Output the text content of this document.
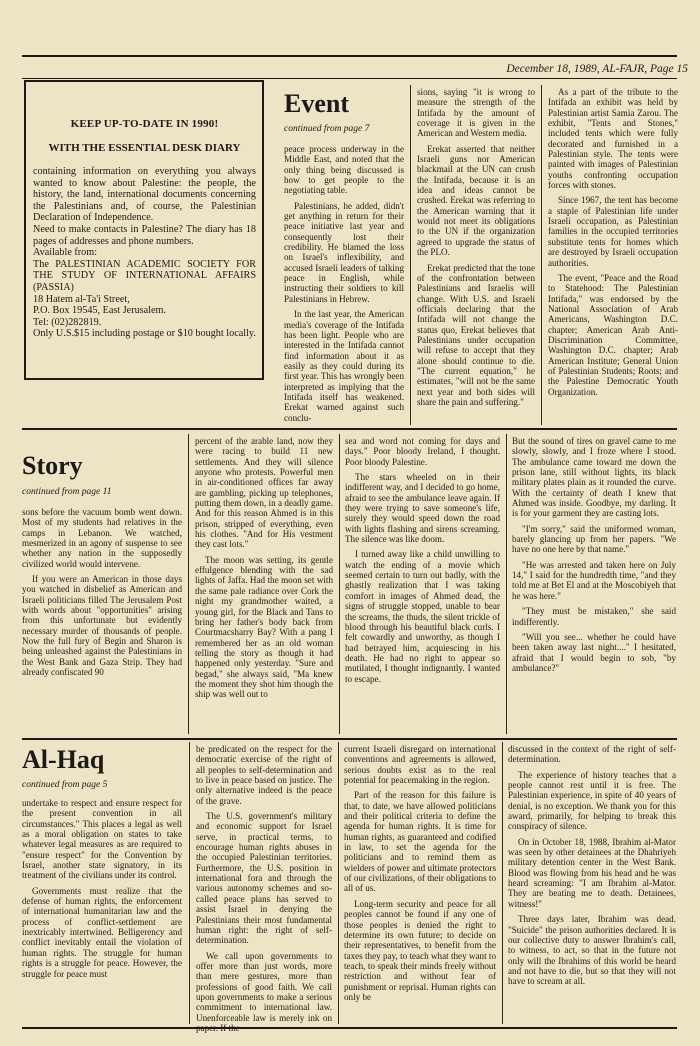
December 18, 1989, AL-FAJR, Page 15
KEEP UP-TO-DATE IN 1990!
WITH THE ESSENTIAL DESK DIARY
containing information on everything you always wanted to know about Palestine: the people, the history, the land, international documents concerning the Palestinians and, of course, the Palestinian Declaration of Independence.
Need to make contacts in Palestine? The diary has 18 pages of addresses and phone numbers.
Available from:
The PALESTINIAN ACADEMIC SOCIETY FOR THE STUDY OF INTERNATIONAL AFFAIRS (PASSIA)
18 Hatem al-Ta'i Street,
P.O. Box 19545, East Jerusalem.
Tel: (02)282819.
Only U.S.$15 including postage or $10 bought locally.
Event
continued from page 7

peace process underway in the Middle East, and noted that the only thing being discussed is how to get people to the negotiating table.

Palestinians, he added, didn't get anything in return for their peace initiative last year and consequently lost their credibility. He blamed the loss on Israel's inflexibility, and accused Israeli leaders of talking peace in English, while instructing their soldiers to kill Palestinians in Hebrew.

In the last year, the American media's coverage of the Intifada has been light. People who are interested in the Intifada cannot find information about it as easily as they could during its first year. This has wrongly been interpreted as implying that the Intifada itself has weakened. Erekat warned against such conclu-

sions, saying "it is wrong to measure the strength of the Intifada by the amount of coverage it is given in the American and Western media.

Erekat asserted that neither Israeli guns nor American blackmail at the UN can crush the Intifada, because it is an idea and ideas cannot be crushed. Erekat was referring to the American warning that it would not meet its obligations to the UN if the organization agreed to upgrade the status of the PLO.

Erekat predicted that the tone of the confrontation between Palestinians and Israelis will change. With U.S. and Israeli officials declaring that the Intifada will not change the status quo, Erekat believes that Palestinians under occupation will refuse to accept that they alone should continue to die. "The current equation," he estimates, "will not be the same next year and both sides will share the pain and suffering."

As a part of the tribute to the Intifada an exhibit was held by Palestinian artist Samia Zarou. The exhibit, "Tents and Stones," included tents which were fully decorated and furnished in a Palestinian style. The tents were painted with images of Palestinian youths confronting occupation forces with stones.

Since 1967, the tent has become a staple of Palestinian life under Israeli occupation, as Palestinian families in the occupied territories substitute tents for homes which are destroyed by Israeli occupation authorities.

The event, "Peace and the Road to Statehood: The Palestinian Intifada," was endorsed by the National Association of Arab Americans, Washington D.C. chapter; American Arab Anti-Discrimination Committee, Washington D.C. chapter; Arab American Institute; General Union of Palestinian Students; Roots; and the Palestine Democratic Youth Organization.

Story
continued from page 11

sons before the vacuum bomb went down. Most of my students had relatives in the camps in Lebanon. We watched, mesmerized in an agony of suspense to see whether any nation in the supposedly civilized world would intervene.

If you were an American in those days you watched in disbelief as American and Israeli politicians filled The Jerusalem Post with words about "opportunities" arising from this unfortunate but evidently necessary murder of thousands of people. Now the full fury of Begin and Sharon is being unleashed against the Palestinians in the West Bank and Gaza Strip. They had already confiscated 90

percent of the arable land, now they were racing to build 11 new settlements. And they will silence anyone who protests. Powerful men in air-conditioned offices far away are gambling, picking up telephones, putting them down, in a deadly game. And for this reason Ahmed is in this prison, stripped of everything, even his clothes. "And for His vestment they cast lots."

The moon was setting, its gentle effulgence blending with the sad lights of Jaffa. Had the moon set with the same pale radiance over Cork the night my grandmother waited, a young girl, for the Black and Tans to bring her father's body back from Courtmacsharry Bay? With a pang I remembered her as an old woman telling the story as though it had happened only yesterday. "Sure and begad," she always said, "Ma knew the moment they shot him though the ship was well out to

sea and word not coming for days and days." Poor bloody Ireland, I thought. Poor bloody Palestine.

The stars wheeled on in their indifferent way, and I decided to go home, afraid to see the ambulance leave again. If they were trying to save someone's life, surely they would speed down the road with lights flashing and sirens screaming. The silence was like doom.

I turned away like a child unwilling to watch the ending of a movie which seemed certain to turn out badly, with the ghastly realization that I was taking comfort in images of Ahmed dead, the signs of struggle stopped, unable to bear the screams, the thuds, the silent trickle of blood through his beautiful black curls. I felt cowardly and unworthy, as though I had betrayed him, acquiescing in his death. He had no right to appear so mutilated, I thought indignantly. I wanted to escape.

But the sound of tires on gravel came to me slowly, slowly, and I froze where I stood. The ambulance came toward me down the prison lane, still without lights, its black military plates plain as it rounded the curve. With the certainty of death I knew that Ahmed was inside. Goodbye, my darling. It is for your garment they are casting lots.

"I'm sorry," said the uniformed woman, barely glancing up from her papers. "We have no one here by that name."

"He was arrested and taken here on July 14," I said for the hundredth time, "and they told me at Bet El and at the Moscobiyeh that he was here."

"They must be mistaken," she said indifferently.

"Will you see... whether he could have been taken away last night...." I hesitated, afraid that I would begin to sob, "by ambulance?"

Al-Haq
continued from page 5

undertake to respect and ensure respect for the present convention in all circumstances." This places a legal as well as a moral obligation on states to take whatever legal measures as are required to "ensure respect" for the Convention by Israel, another state signatory, in its treatment of the civilians under its control.

Governments must realize that the defense of human rights, the enforcement of international humanitarian law and the process of conflict-settlement are inextricably intertwined. Belligerency and conflict inevitably entail the violation of human rights. The struggle for human rights is a struggle for peace. However, the struggle for peace must

be predicated on the respect for the democratic exercise of the right of all peoples to self-determination and to live in peace based on justice. The only alternative indeed is the peace of the grave.

The U.S. government's military and economic support for Israel serve, in practical terms, to encourage human rights abuses in the occupied Palestinian territories. Furthermore, the U.S. position in international fora and through the various autonomy schemes and so-called peace plans has served to assist Israel in denying the Palestinians their most fundamental human right: the right of self-determination.

We call upon governments to offer more than just words, more than mere gestures, more than professions of good faith. We call upon governments to make a serious commitment to international law. Unenforceable law is merely ink on

current Israeli disregard on international conventions and agreements is allowed, serious doubts exist as to the real potential for peacemaking in the region.

Part of the reason for this failure is that, to date, we have allowed politicians and their political criteria to define the agenda for human rights. It is time for human rights, as guaranteed and codified in law, to set the agenda for the politicians and to remind them as wielders of power and ultimate protectors of our civilizations, of their obligations to all of us.

Long-term security and peace for all peoples cannot be found if any one of those peoples is denied the right to determine its own future; to decide on their representatives, to benefit from the taxes they pay, to teach what they want to teach, to speak their minds freely without restriction and without fear of punishment or reprisal. Human rights can only be

discussed in the context of the right of self-determination.

The experience of history teaches that a people cannot rest until it is free. The Palestinian experience, in spite of 40 years of denial, is no exception. We thank you for this award, primarily, for helping to break this conspiracy of silence.

On in October 18, 1988, Ibrahim al-Mator was seen by other detainees at the Dhahriyeh military detention center in the West Bank. Blood was flowing from his head and he was heard screaming: "I am Ibrahim al-Mator. They are beating me to death. Detainees, witness!"

Three days later, Ibrahim was dead. "Suicide" the prison authorities declared. It is our collective duty to answer Ibrahim's call, to witness, to act, so that in the future not only will the Ibrahims of this world be heard and not have to die, but so that they will not have to scream at all.
